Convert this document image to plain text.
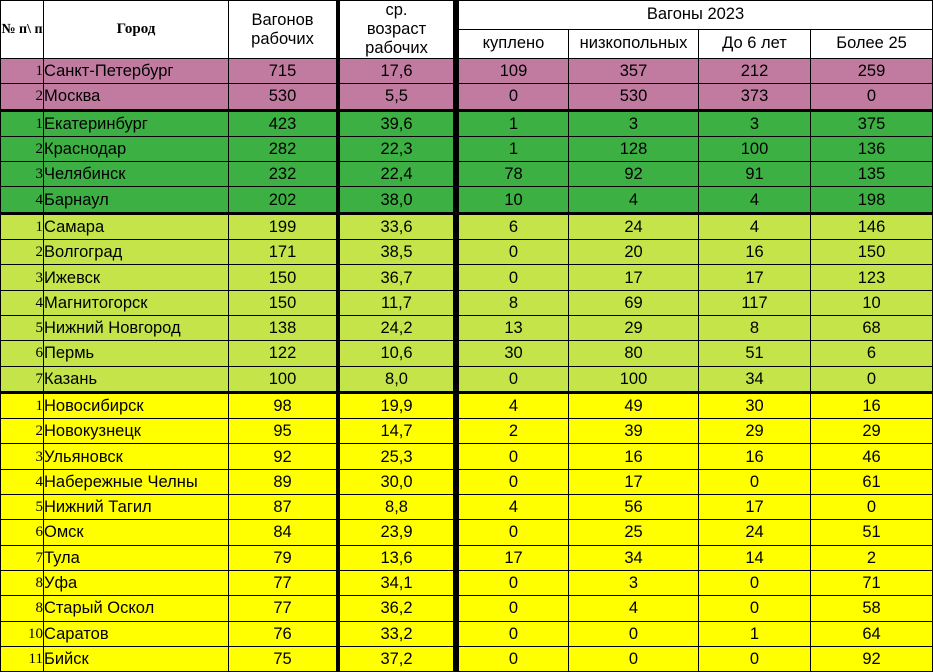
№ п\ п	Город	Вагонов рабочих	ср. возраст рабочих	Вагоны 2023			
				куплено	низкопольных	До 6 лет	Более 25
1	Санкт-Петербург	715	17,6	109	357	212	259
2	Москва	530	5,5	0	530	373	0
1	Екатеринбург	423	39,6	1	3	3	375
2	Краснодар	282	22,3	1	128	100	136
3	Челябинск	232	22,4	78	92	91	135
4	Барнаул	202	38,0	10	4	4	198
1	Самара	199	33,6	6	24	4	146
2	Волгоград	171	38,5	0	20	16	150
3	Ижевск	150	36,7	0	17	17	123
4	Магнитогорск	150	11,7	8	69	117	10
5	Нижний Новгород	138	24,2	13	29	8	68
6	Пермь	122	10,6	30	80	51	6
7	Казань	100	8,0	0	100	34	0
1	Новосибирск	98	19,9	4	49	30	16
2	Новокузнецк	95	14,7	2	39	29	29
3	Ульяновск	92	25,3	0	16	16	46
4	Набережные Челны	89	30,0	0	17	0	61
5	Нижний Тагил	87	8,8	4	56	17	0
6	Омск	84	23,9	0	25	24	51
7	Тула	79	13,6	17	34	14	2
8	Уфа	77	34,1	0	3	0	71
8	Старый Оскол	77	36,2	0	4	0	58
10	Саратов	76	33,2	0	0	1	64
11	Бийск	75	37,2	0	0	0	92
